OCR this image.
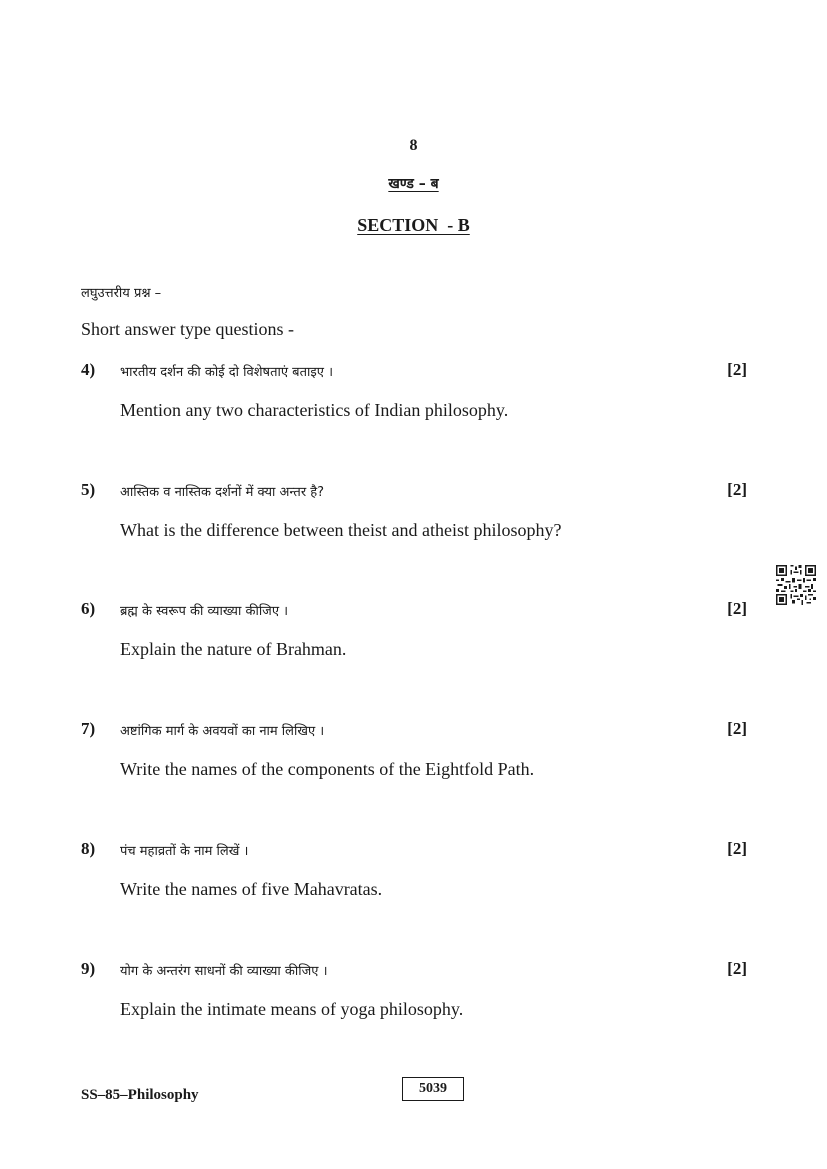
8
खण्ड – ब
SECTION  - B
लघुउत्तरीय प्रश्न –
Short answer type questions -
4) भारतीय दर्शन की कोई दो विशेषताएं बताइए ।	[2]
Mention any two characteristics of Indian philosophy.
5) आस्तिक व नास्तिक दर्शनों में क्या अन्तर है?	[2]
What is the difference between theist and atheist philosophy?
6) ब्रह्म के स्वरूप की व्याख्या कीजिए ।	[2]
Explain the nature of Brahman.
7) अष्टांगिक मार्ग के अवयवों का नाम लिखिए ।	[2]
Write the names of the components of the Eightfold Path.
8) पंच महाव्रतों के नाम लिखें ।	[2]
Write the names of five Mahavratas.
9) योग के अन्तरंग साधनों की व्याख्या कीजिए ।	[2]
Explain the intimate means of yoga philosophy.
SS–85–Philosophy	5039
